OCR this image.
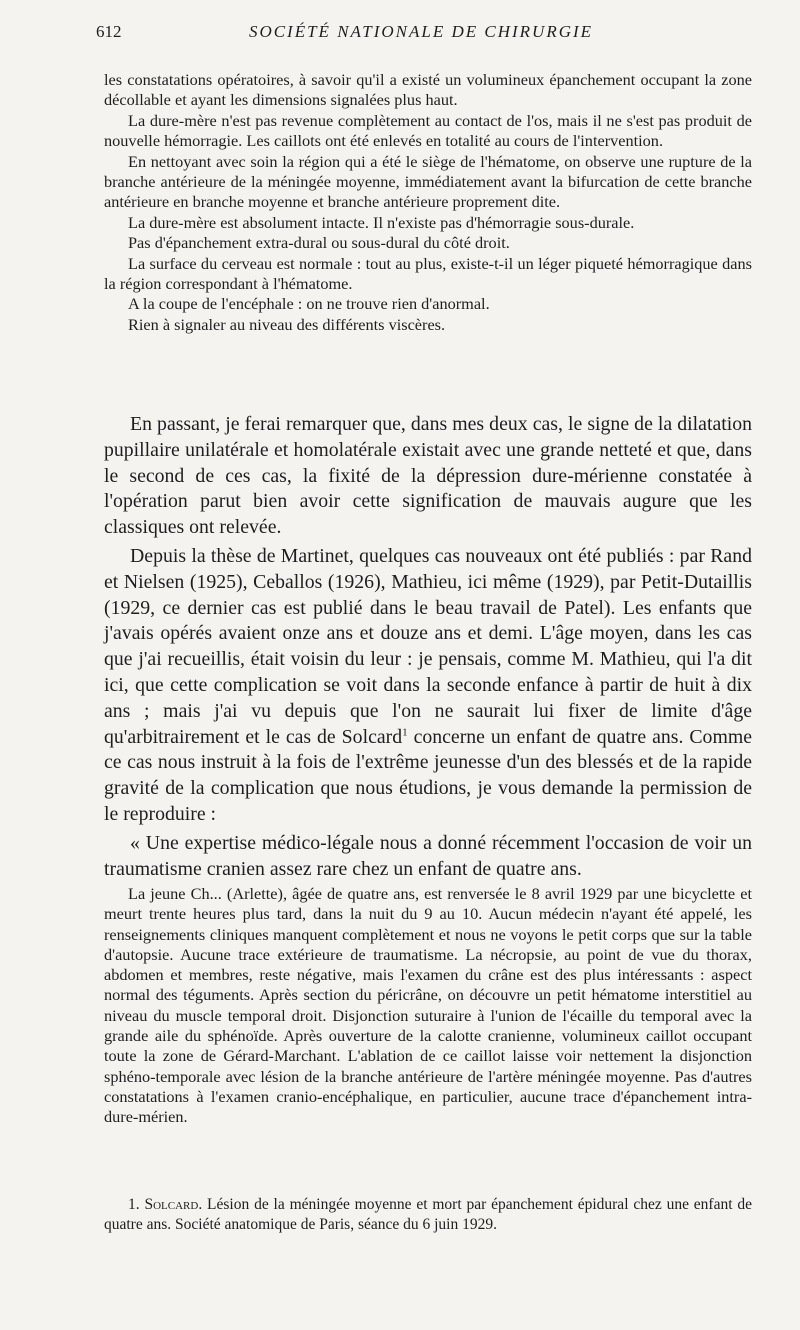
612	SOCIÉTÉ NATIONALE DE CHIRURGIE

les constatations opératoires, à savoir qu'il a existé un volumineux épanchement occupant la zone décollable et ayant les dimensions signalées plus haut.

La dure-mère n'est pas revenue complètement au contact de l'os, mais il ne s'est pas produit de nouvelle hémorragie. Les caillots ont été enlevés en totalité au cours de l'intervention.

En nettoyant avec soin la région qui a été le siège de l'hématome, on observe une rupture de la branche antérieure de la méningée moyenne, immédiatement avant la bifurcation de cette branche antérieure en branche moyenne et branche antérieure proprement dite.

La dure-mère est absolument intacte. Il n'existe pas d'hémorragie sous-durale.

Pas d'épanchement extra-dural ou sous-dural du côté droit.

La surface du cerveau est normale : tout au plus, existe-t-il un léger piqueté hémorragique dans la région correspondant à l'hématome.

A la coupe de l'encéphale : on ne trouve rien d'anormal.

Rien à signaler au niveau des différents viscères.

En passant, je ferai remarquer que, dans mes deux cas, le signe de la dilatation pupillaire unilatérale et homolatérale existait avec une grande netteté et que, dans le second de ces cas, la fixité de la dépression dure-mérienne constatée à l'opération parut bien avoir cette signification de mauvais augure que les classiques ont relevée.

Depuis la thèse de Martinet, quelques cas nouveaux ont été publiés : par Rand et Nielsen (1925), Ceballos (1926), Mathieu, ici même (1929), par Petit-Dutaillis (1929, ce dernier cas est publié dans le beau travail de Patel). Les enfants que j'avais opérés avaient onze ans et douze ans et demi. L'âge moyen, dans les cas que j'ai recueillis, était voisin du leur : je pensais, comme M. Mathieu, qui l'a dit ici, que cette complication se voit dans la seconde enfance à partir de huit à dix ans ; mais j'ai vu depuis que l'on ne saurait lui fixer de limite d'âge qu'arbitrairement et le cas de Solcard$^1$ concerne un enfant de quatre ans. Comme ce cas nous instruit à la fois de l'extrême jeunesse d'un des blessés et de la rapide gravité de la complication que nous étudions, je vous demande la permission de le reproduire :

« Une expertise médico-légale nous a donné récemment l'occasion de voir un traumatisme cranien assez rare chez un enfant de quatre ans.

La jeune Ch... (Arlette), âgée de quatre ans, est renversée le 8 avril 1929 par une bicyclette et meurt trente heures plus tard, dans la nuit du 9 au 10. Aucun médecin n'ayant été appelé, les renseignements cliniques manquent complètement et nous ne voyons le petit corps que sur la table d'autopsie. Aucune trace extérieure de traumatisme. La nécropsie, au point de vue du thorax, abdomen et membres, reste négative, mais l'examen du crâne est des plus intéressants : aspect normal des téguments. Après section du péricrâne, on découvre un petit hématome interstitiel au niveau du muscle temporal droit. Disjonction suturaire à l'union de l'écaille du temporal avec la grande aile du sphénoïde. Après ouverture de la calotte cranienne, volumineux caillot occupant toute la zone de Gérard-Marchant. L'ablation de ce caillot laisse voir nettement la disjonction sphéno-temporale avec lésion de la branche antérieure de l'artère méningée moyenne. Pas d'autres constatations à l'examen cranio-encéphalique, en particulier, aucune trace d'épanchement intra-dure-mérien.

1. Solcard. Lésion de la méningée moyenne et mort par épanchement épidural chez une enfant de quatre ans. Société anatomique de Paris, séance du 6 juin 1929.
